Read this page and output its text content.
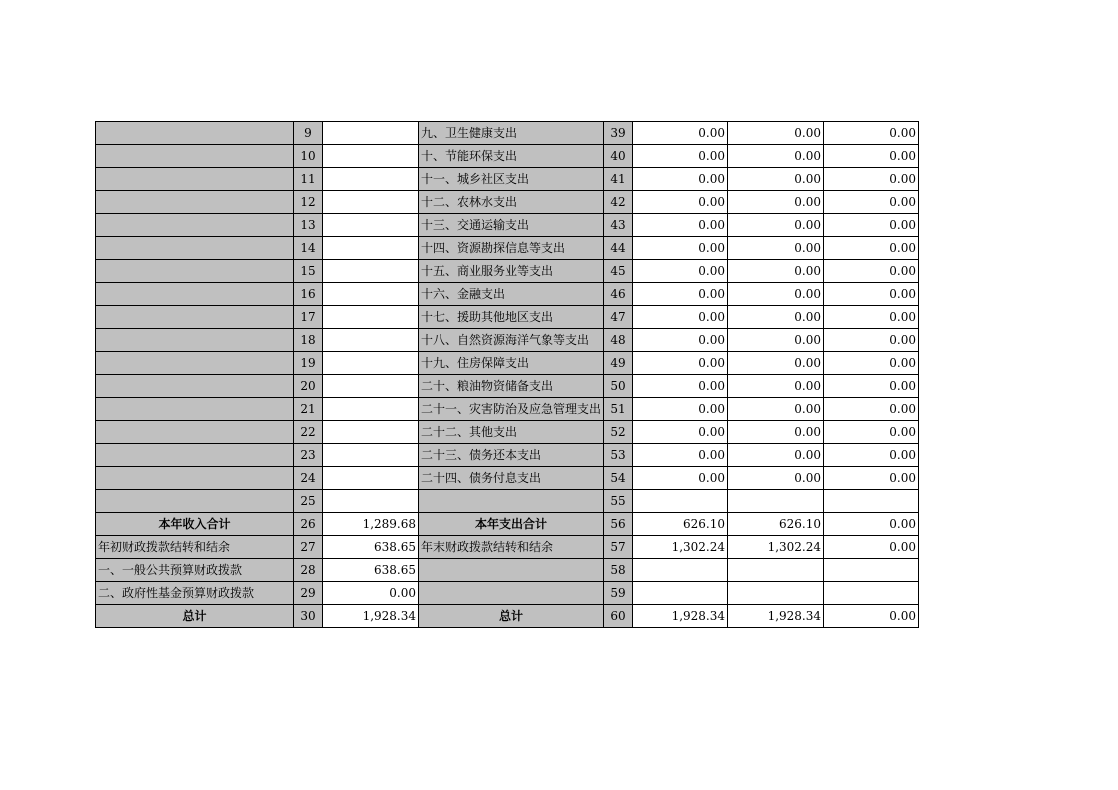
	9		九、卫生健康支出	39	0.00	0.00	0.00
	10		十、节能环保支出	40	0.00	0.00	0.00
	11		十一、城乡社区支出	41	0.00	0.00	0.00
	12		十二、农林水支出	42	0.00	0.00	0.00
	13		十三、交通运输支出	43	0.00	0.00	0.00
	14		十四、资源勘探信息等支出	44	0.00	0.00	0.00
	15		十五、商业服务业等支出	45	0.00	0.00	0.00
	16		十六、金融支出	46	0.00	0.00	0.00
	17		十七、援助其他地区支出	47	0.00	0.00	0.00
	18		十八、自然资源海洋气象等支出	48	0.00	0.00	0.00
	19		十九、住房保障支出	49	0.00	0.00	0.00
	20		二十、粮油物资储备支出	50	0.00	0.00	0.00
	21		二十一、灾害防治及应急管理支出	51	0.00	0.00	0.00
	22		二十二、其他支出	52	0.00	0.00	0.00
	23		二十三、债务还本支出	53	0.00	0.00	0.00
	24		二十四、债务付息支出	54	0.00	0.00	0.00
	25			55			
本年收入合计	26	1,289.68	本年支出合计	56	626.10	626.10	0.00
年初财政拨款结转和结余	27	638.65	年末财政拨款结转和结余	57	1,302.24	1,302.24	0.00
一、一般公共预算财政拨款	28	638.65		58			
二、政府性基金预算财政拨款	29	0.00		59			
总计	30	1,928.34	总计	60	1,928.34	1,928.34	0.00
